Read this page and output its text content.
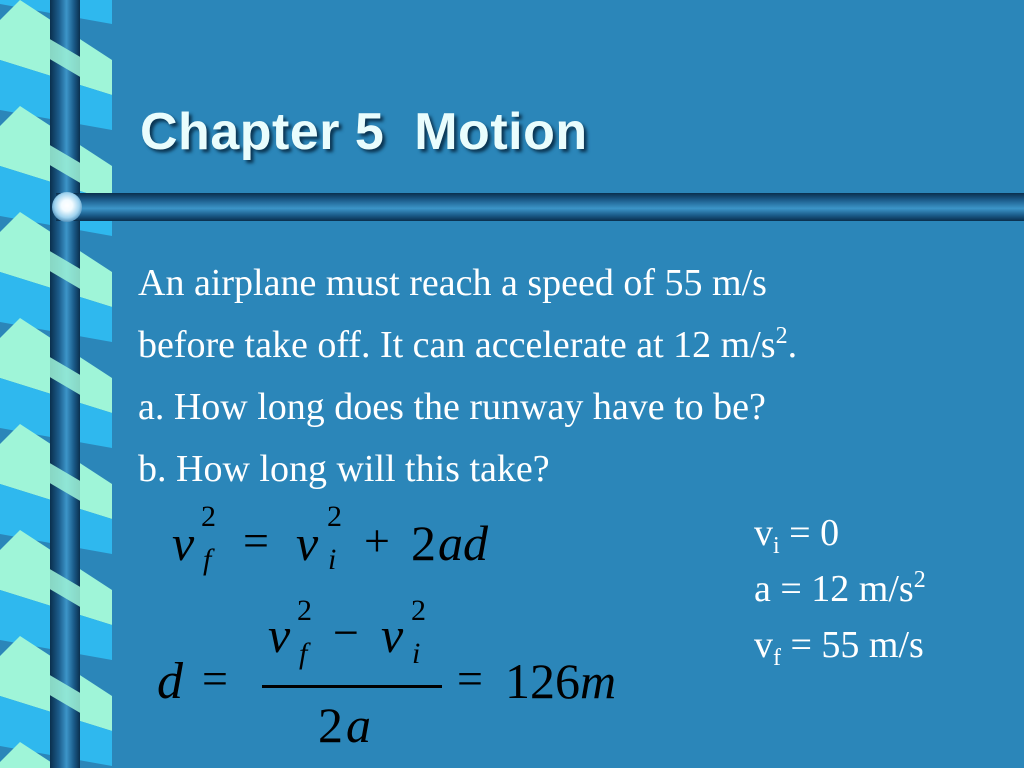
Chapter 5  Motion
An airplane must reach a speed of 55 m/s
before take off. It can accelerate at 12 $m/s^2$.
a. How long does the runway have to be?
b. How long will this take?
v 2
f = v 2
i + 2 ad
d =
v 2
f − v 2
i
2 a
= 126 m
$v_i = 0$
a = 12 $m/s^2$
$v_f = 55$ m/s
